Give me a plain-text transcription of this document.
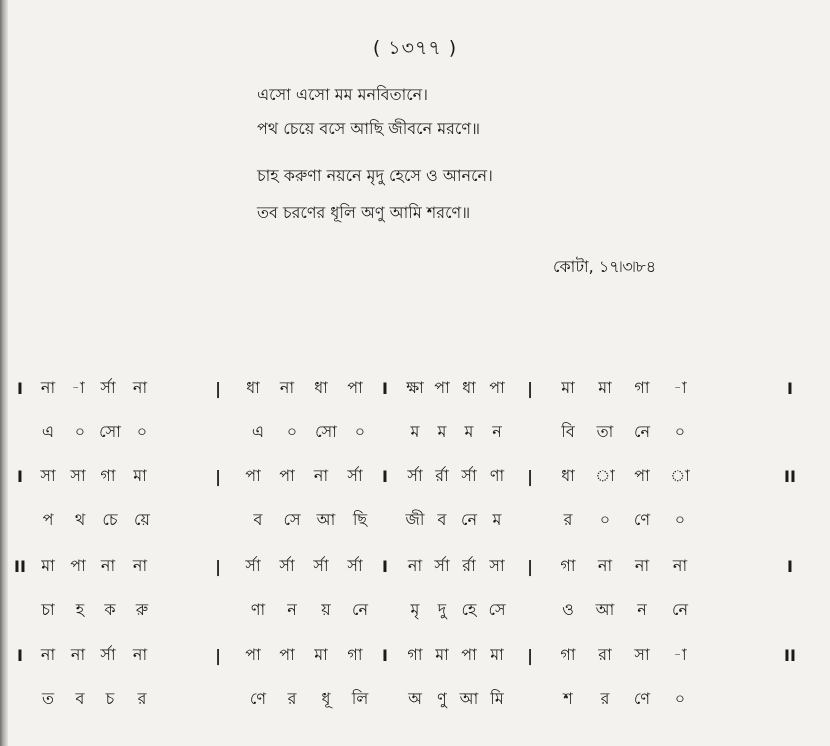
( ১৩৭৭ )
এসো এসো মম মনবিতানে।
পথ চেয়ে বসে আছি জীবনে মরণে॥
চাহ করুণা নয়নে মৃদু হেসে ও আননে।
তব চরণের ধূলি অণু আমি শরণে॥
কোটা, ১৭৷৩৷৮৪
I না -া র্সা না	| ধা না ধা পা I ক্ষা পা ধা পা | মা মা গা -া	I
এ ০ সো ০	এ ০ সো ০	ম ম ম ন	বি তা নে ০
I সা সা গা মা	| পা পা না র্সা I র্সা র্রা র্সা ণা | ধা া পা া	II
প থ চে য়ে	ব সে আ ছি জী ব নে ম	র ০ ণে ০
II মা পা না না	| র্সা র্সা র্সা র্সা I না র্সা র্রা সা | গা না না না	I
চা হ ক রু	ণা ন য় নে	মৃ দু হে সে	ও আ ন নে
I না না র্সা না	| পা পা মা গা I গা মা পা মা | গা রা সা -া	II
ত ব চ র	ণে র ধূ লি অ ণু আ মি	শ র ণে ০
